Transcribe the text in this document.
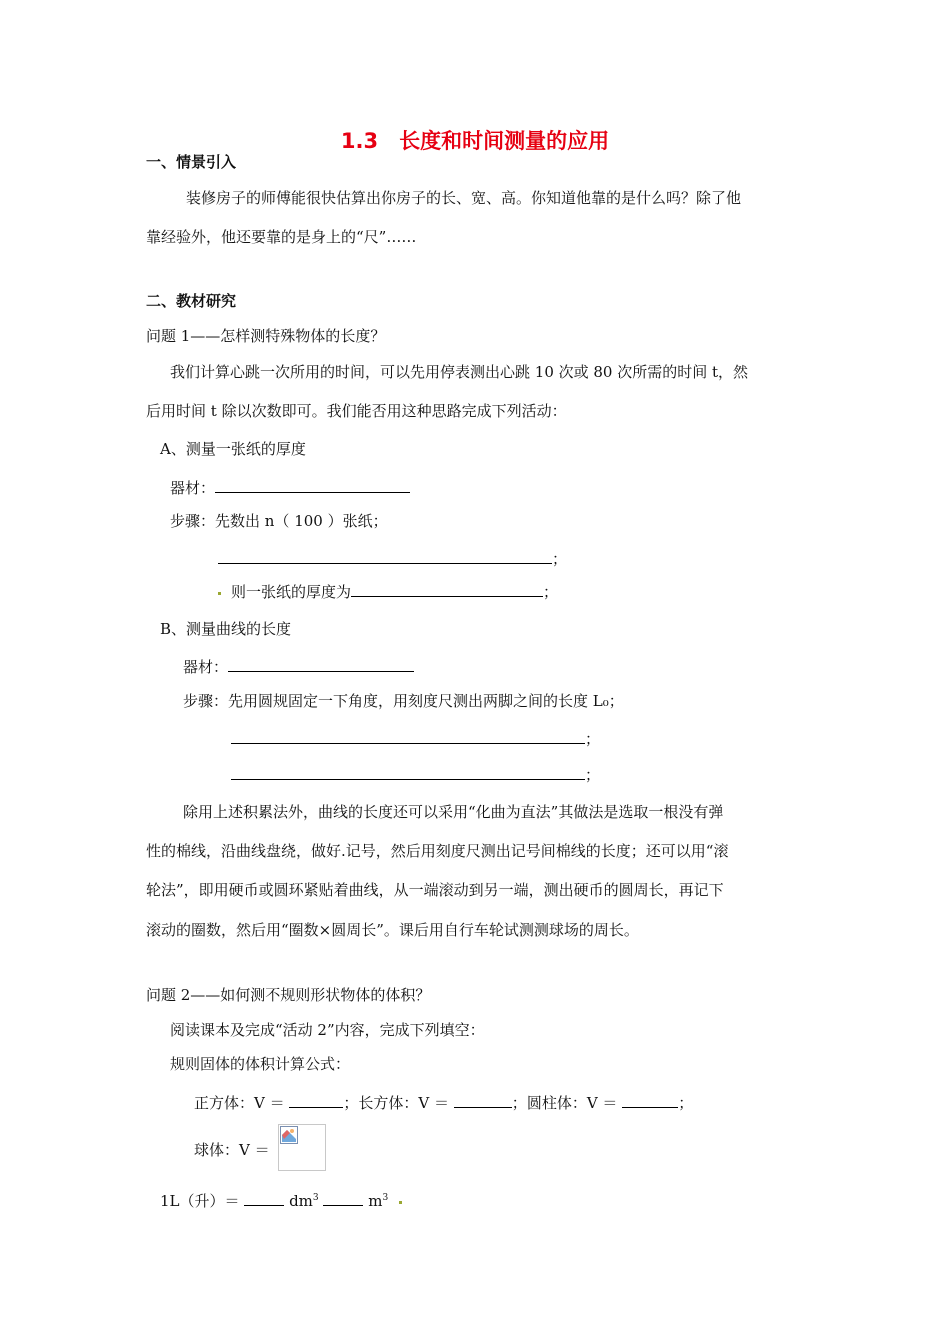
1.3　长度和时间测量的应用
一、情景引入
装修房子的师傅能很快估算出你房子的长、宽、高。你知道他靠的是什么吗？除了他
靠经验外，他还要靠的是身上的“尺”……
二、教材研究
问题 1——怎样测特殊物体的长度？
我们计算心跳一次所用的时间，可以先用停表测出心跳 10 次或 80 次所需的时间 t，然
后用时间 t 除以次数即可。我们能否用这种思路完成下列活动：
A、测量一张纸的厚度
器材：
步骤：先数出 n（ 100 ）张纸；
；
则一张纸的厚度为	；
B、测量曲线的长度
器材：
步骤：先用圆规固定一下角度，用刻度尺测出两脚之间的长度 L₀；
；
；
除用上述积累法外，曲线的长度还可以采用“化曲为直法”其做法是选取一根没有弹
性的棉线，沿曲线盘绕，做好.记号，然后用刻度尺测出记号间棉线的长度；还可以用“滚
轮法”，即用硬币或圆环紧贴着曲线，从一端滚动到另一端，测出硬币的圆周长，再记下
滚动的圈数，然后用“圈数×圆周长”。课后用自行车轮试测测球场的周长。
问题 2——如何测不规则形状物体的体积？
阅读课本及完成“活动 2”内容，完成下列填空：
规则固体的体积计算公式：
正方体：V ＝	；长方体：V ＝	；圆柱体：V ＝	；
球体：V ＝
1L（升）＝	$dm^3$	$m^3$
